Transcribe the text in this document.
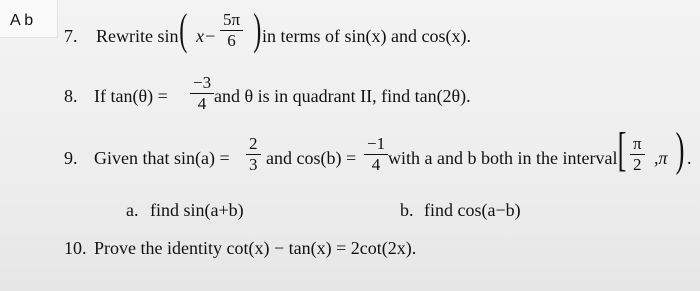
A b
7. Rewrite sin ( $x- \frac{5\pi}{6}$ ) in terms of sin(x) and cos(x).
8. If $\tan(\theta) = \frac{-3}{4}$ and θ is in quadrant II, find tan(2θ).
9. Given that $\sin(a) = \frac{2}{3}$ and $\cos(b) = \frac{-1}{4}$ with a and b both in the interval [ $\frac{\pi}{2} ,\pi$ ) .
a. find sin(a+b)	b. find cos(a−b)
10. Prove the identity cot(x) − tan(x) = 2cot(2x).
